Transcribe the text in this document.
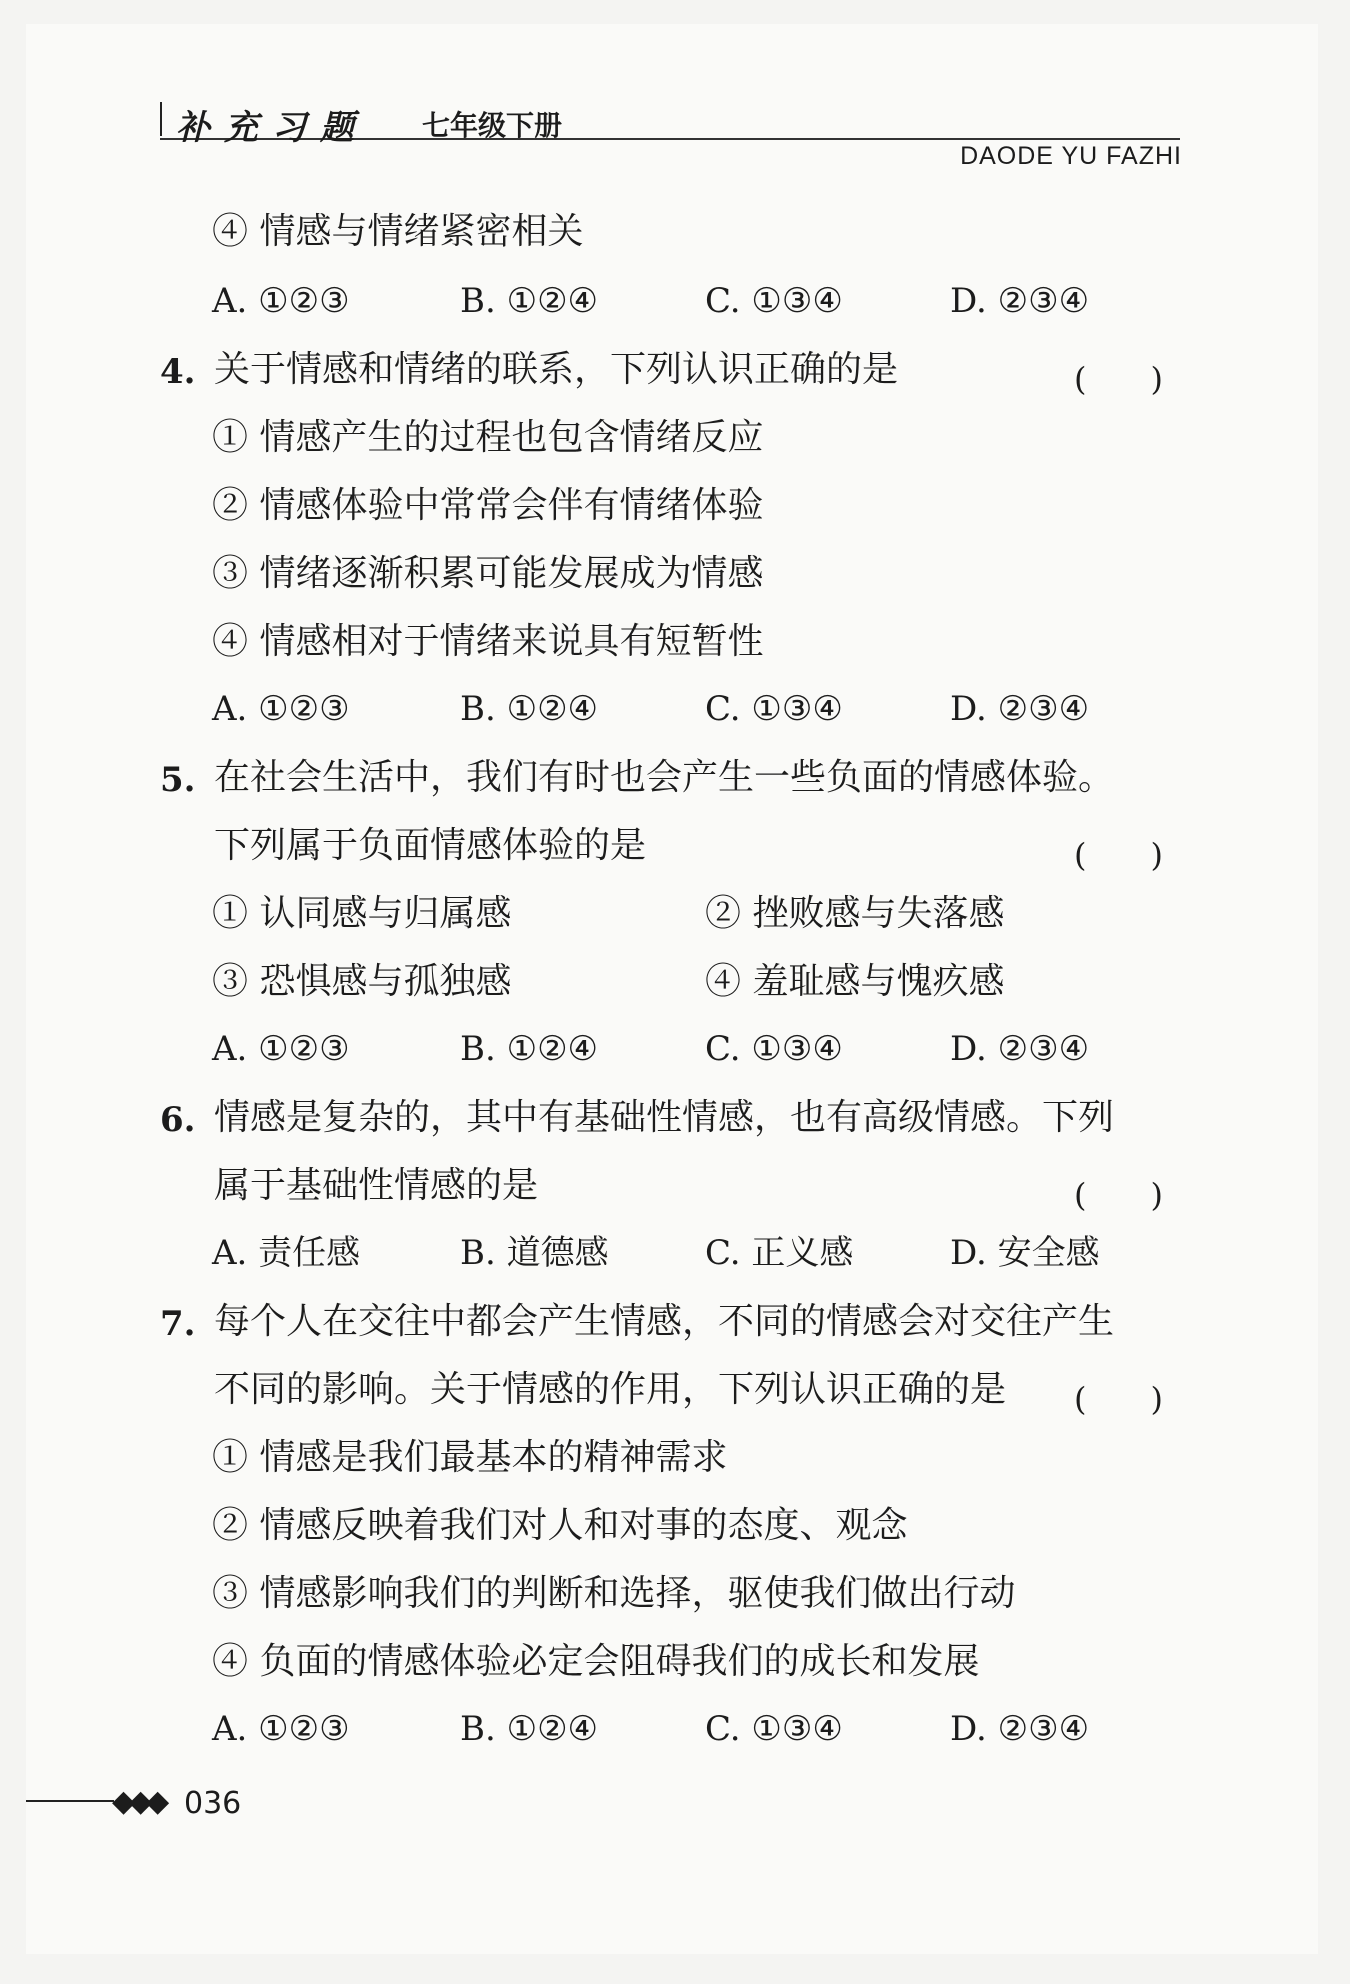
补充习题 七年级下册
DAODE YU FAZHI
④ 情感与情绪紧密相关
A. ①②③	B. ①②④	C. ①③④	D. ②③④
4. 关于情感和情绪的联系，下列认识正确的是	(　　)
① 情感产生的过程也包含情绪反应
② 情感体验中常常会伴有情绪体验
③ 情绪逐渐积累可能发展成为情感
④ 情感相对于情绪来说具有短暂性
A. ①②③	B. ①②④	C. ①③④	D. ②③④
5. 在社会生活中，我们有时也会产生一些负面的情感体验。
下列属于负面情感体验的是	(　　)
① 认同感与归属感	② 挫败感与失落感
③ 恐惧感与孤独感	④ 羞耻感与愧疚感
A. ①②③	B. ①②④	C. ①③④	D. ②③④
6. 情感是复杂的，其中有基础性情感，也有高级情感。下列
属于基础性情感的是	(　　)
A. 责任感	B. 道德感	C. 正义感	D. 安全感
7. 每个人在交往中都会产生情感，不同的情感会对交往产生
不同的影响。关于情感的作用，下列认识正确的是 (　　)
① 情感是我们最基本的精神需求
② 情感反映着我们对人和对事的态度、观念
③ 情感影响我们的判断和选择，驱使我们做出行动
④ 负面的情感体验必定会阻碍我们的成长和发展
A. ①②③	B. ①②④	C. ①③④	D. ②③④
◆◆◆ 036
